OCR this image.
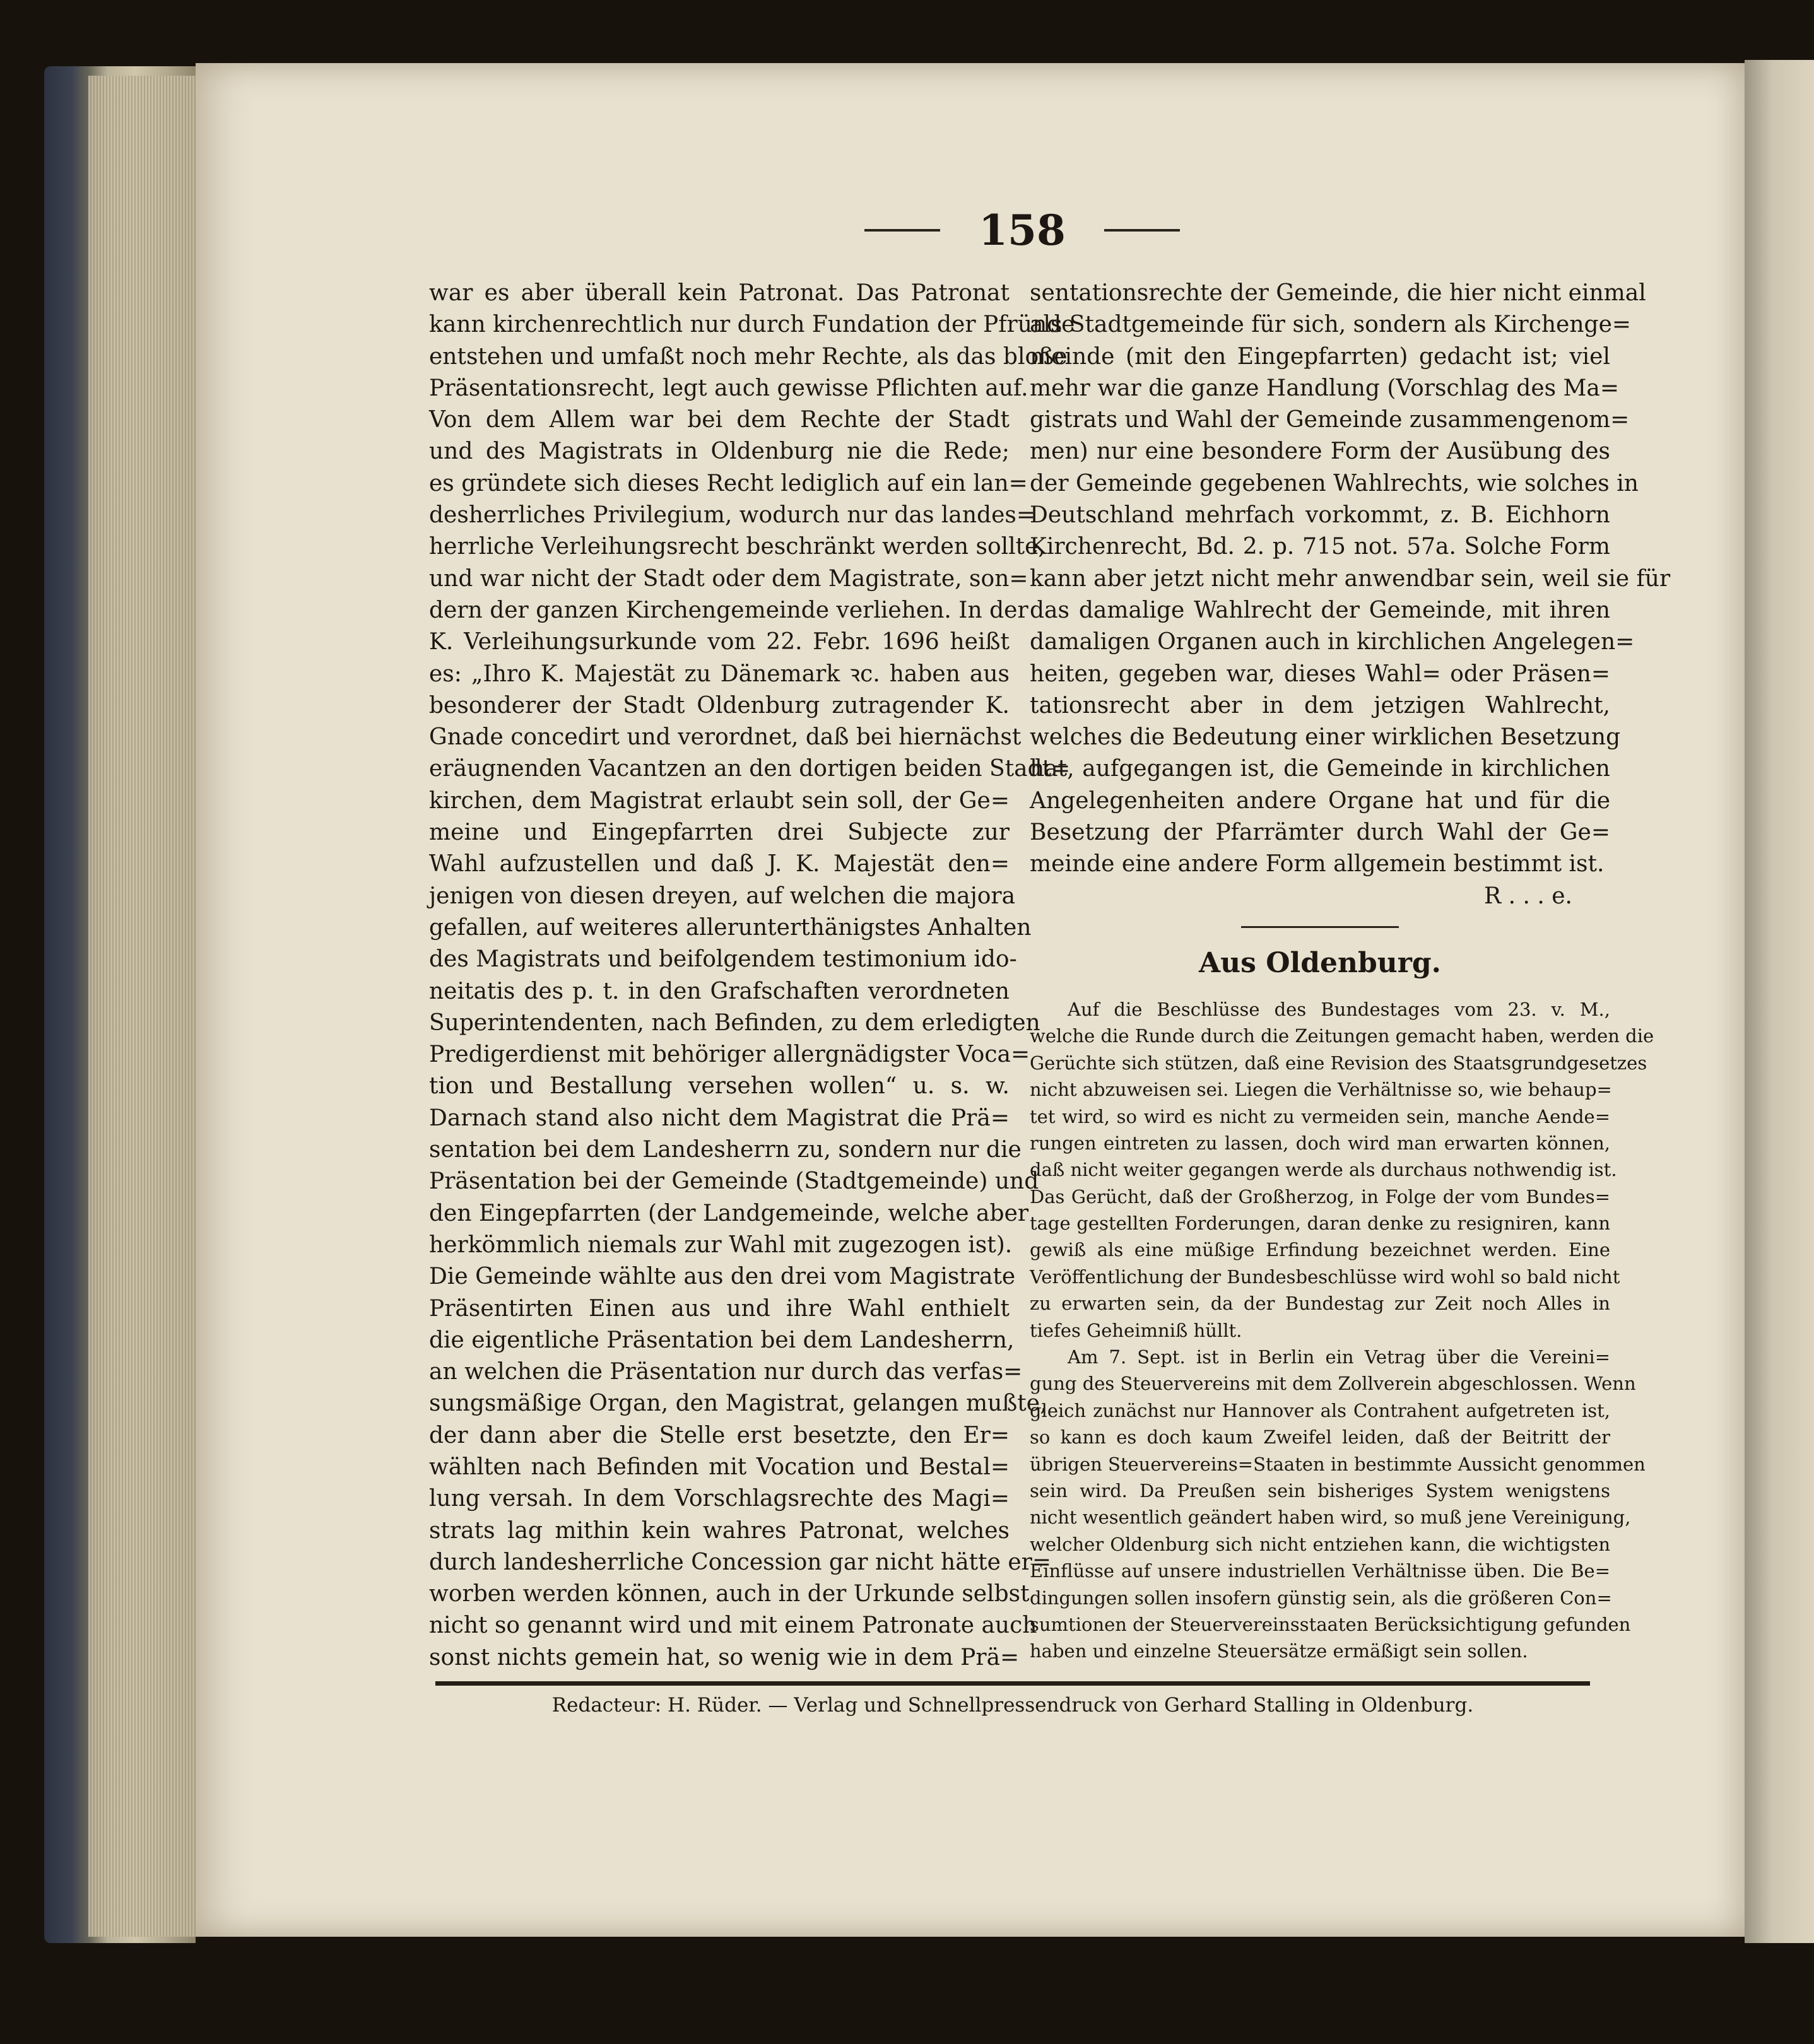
158
war es aber überall kein Patronat. Das Patronat
kann kirchenrechtlich nur durch Fundation der Pfründe
entstehen und umfaßt noch mehr Rechte, als das bloße
Präsentationsrecht, legt auch gewisse Pflichten auf.
Von dem Allem war bei dem Rechte der Stadt
und des Magistrats in Oldenburg nie die Rede;
es gründete sich dieses Recht lediglich auf ein lan=
desherrliches Privilegium, wodurch nur das landes=
herrliche Verleihungsrecht beschränkt werden sollte,
und war nicht der Stadt oder dem Magistrate, son=
dern der ganzen Kirchengemeinde verliehen. In der
K. Verleihungsurkunde vom 22. Febr. 1696 heißt
es: „Ihro K. Majestät zu Dänemark ꝛc. haben aus
besonderer der Stadt Oldenburg zutragender K.
Gnade concedirt und verordnet, daß bei hiernächst
eräugnenden Vacantzen an den dortigen beiden Stadt=
kirchen, dem Magistrat erlaubt sein soll, der Ge=
meine und Eingepfarrten drei Subjecte zur
Wahl aufzustellen und daß J. K. Majestät den=
jenigen von diesen dreyen, auf welchen die majora
gefallen, auf weiteres allerunterthänigstes Anhalten
des Magistrats und beifolgendem testimonium ido-
neitatis des p. t. in den Grafschaften verordneten
Superintendenten, nach Befinden, zu dem erledigten
Predigerdienst mit behöriger allergnädigster Voca=
tion und Bestallung versehen wollen“ u. s. w.
Darnach stand also nicht dem Magistrat die Prä=
sentation bei dem Landesherrn zu, sondern nur die
Präsentation bei der Gemeinde (Stadtgemeinde) und
den Eingepfarrten (der Landgemeinde, welche aber
herkömmlich niemals zur Wahl mit zugezogen ist).
Die Gemeinde wählte aus den drei vom Magistrate
Präsentirten Einen aus und ihre Wahl enthielt
die eigentliche Präsentation bei dem Landesherrn,
an welchen die Präsentation nur durch das verfas=
sungsmäßige Organ, den Magistrat, gelangen mußte,
der dann aber die Stelle erst besetzte, den Er=
wählten nach Befinden mit Vocation und Bestal=
lung versah. In dem Vorschlagsrechte des Magi=
strats lag mithin kein wahres Patronat, welches
durch landesherrliche Concession gar nicht hätte er=
worben werden können, auch in der Urkunde selbst
nicht so genannt wird und mit einem Patronate auch
sonst nichts gemein hat, so wenig wie in dem Prä=
sentationsrechte der Gemeinde, die hier nicht einmal
als Stadtgemeinde für sich, sondern als Kirchenge=
meinde (mit den Eingepfarrten) gedacht ist; viel
mehr war die ganze Handlung (Vorschlag des Ma=
gistrats und Wahl der Gemeinde zusammengenom=
men) nur eine besondere Form der Ausübung des
der Gemeinde gegebenen Wahlrechts, wie solches in
Deutschland mehrfach vorkommt, z. B. Eichhorn
Kirchenrecht, Bd. 2. p. 715 not. 57a. Solche Form
kann aber jetzt nicht mehr anwendbar sein, weil sie für
das damalige Wahlrecht der Gemeinde, mit ihren
damaligen Organen auch in kirchlichen Angelegen=
heiten, gegeben war, dieses Wahl= oder Präsen=
tationsrecht aber in dem jetzigen Wahlrecht,
welches die Bedeutung einer wirklichen Besetzung
hat, aufgegangen ist, die Gemeinde in kirchlichen
Angelegenheiten andere Organe hat und für die
Besetzung der Pfarrämter durch Wahl der Ge=
meinde eine andere Form allgemein bestimmt ist.
R . . . e.
Aus Oldenburg.
Auf die Beschlüsse des Bundestages vom 23. v. M.,
welche die Runde durch die Zeitungen gemacht haben, werden die
Gerüchte sich stützen, daß eine Revision des Staatsgrundgesetzes
nicht abzuweisen sei. Liegen die Verhältnisse so, wie behaup=
tet wird, so wird es nicht zu vermeiden sein, manche Aende=
rungen eintreten zu lassen, doch wird man erwarten können,
daß nicht weiter gegangen werde als durchaus nothwendig ist.
Das Gerücht, daß der Großherzog, in Folge der vom Bundes=
tage gestellten Forderungen, daran denke zu resigniren, kann
gewiß als eine müßige Erfindung bezeichnet werden. Eine
Veröffentlichung der Bundesbeschlüsse wird wohl so bald nicht
zu erwarten sein, da der Bundestag zur Zeit noch Alles in
tiefes Geheimniß hüllt.
Am 7. Sept. ist in Berlin ein Vetrag über die Vereini=
gung des Steuervereins mit dem Zollverein abgeschlossen. Wenn
gleich zunächst nur Hannover als Contrahent aufgetreten ist,
so kann es doch kaum Zweifel leiden, daß der Beitritt der
übrigen Steuervereins=Staaten in bestimmte Aussicht genommen
sein wird. Da Preußen sein bisheriges System wenigstens
nicht wesentlich geändert haben wird, so muß jene Vereinigung,
welcher Oldenburg sich nicht entziehen kann, die wichtigsten
Einflüsse auf unsere industriellen Verhältnisse üben. Die Be=
dingungen sollen insofern günstig sein, als die größeren Con=
sumtionen der Steuervereinsstaaten Berücksichtigung gefunden
haben und einzelne Steuersätze ermäßigt sein sollen.
Redacteur: H. Rüder. — Verlag und Schnellpressendruck von Gerhard Stalling in Oldenburg.
